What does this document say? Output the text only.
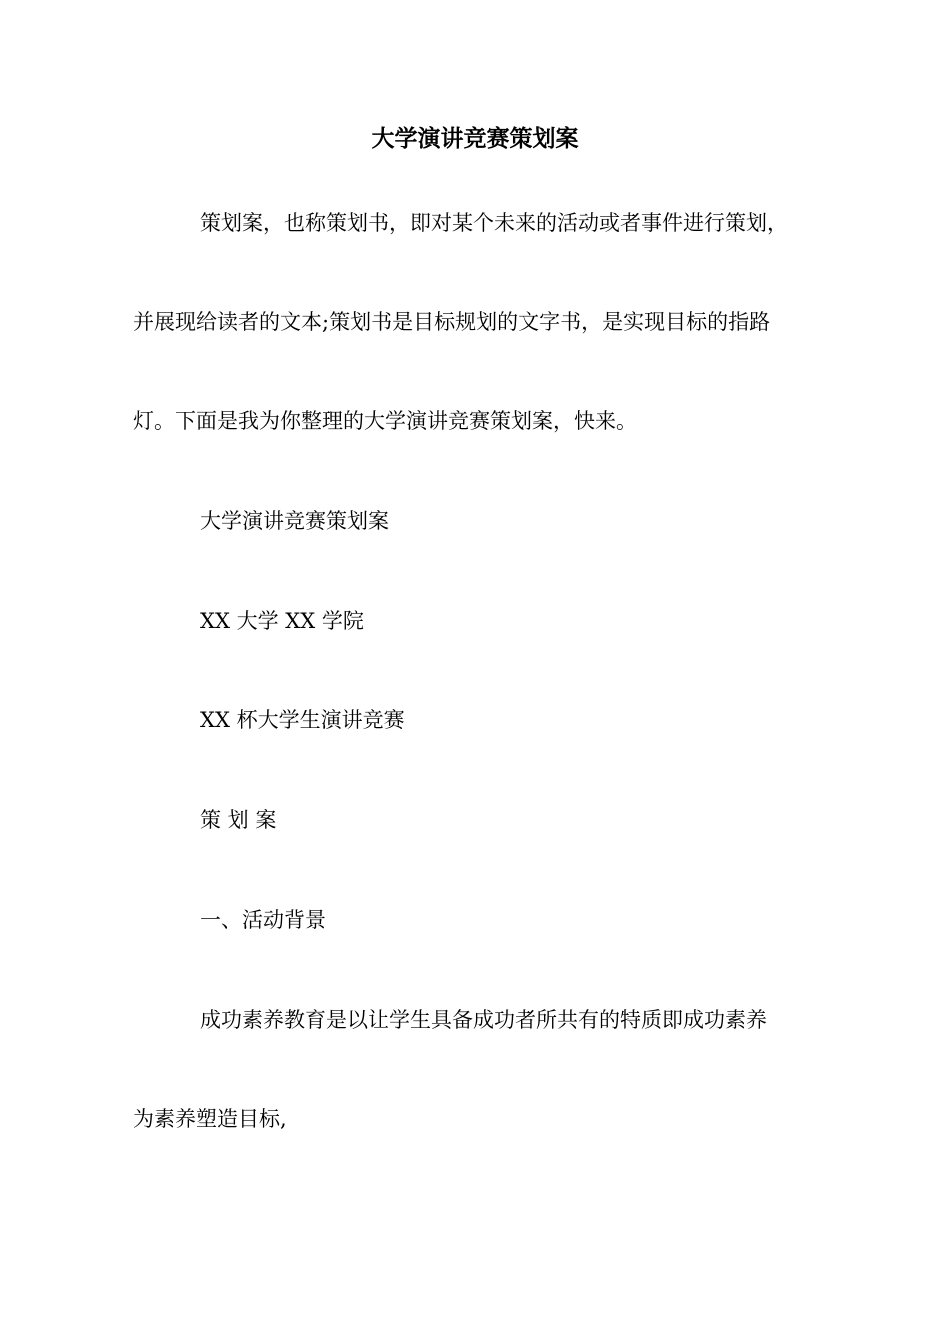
大学演讲竞赛策划案
策划案，也称策划书，即对某个未来的活动或者事件进行策划，
并展现给读者的文本;策划书是目标规划的文字书，是实现目标的指路
灯。下面是我为你整理的大学演讲竞赛策划案，快来。
大学演讲竞赛策划案
XX 大学 XX 学院
XX 杯大学生演讲竞赛
策 划 案
一、活动背景
成功素养教育是以让学生具备成功者所共有的特质即成功素养
为素养塑造目标,
